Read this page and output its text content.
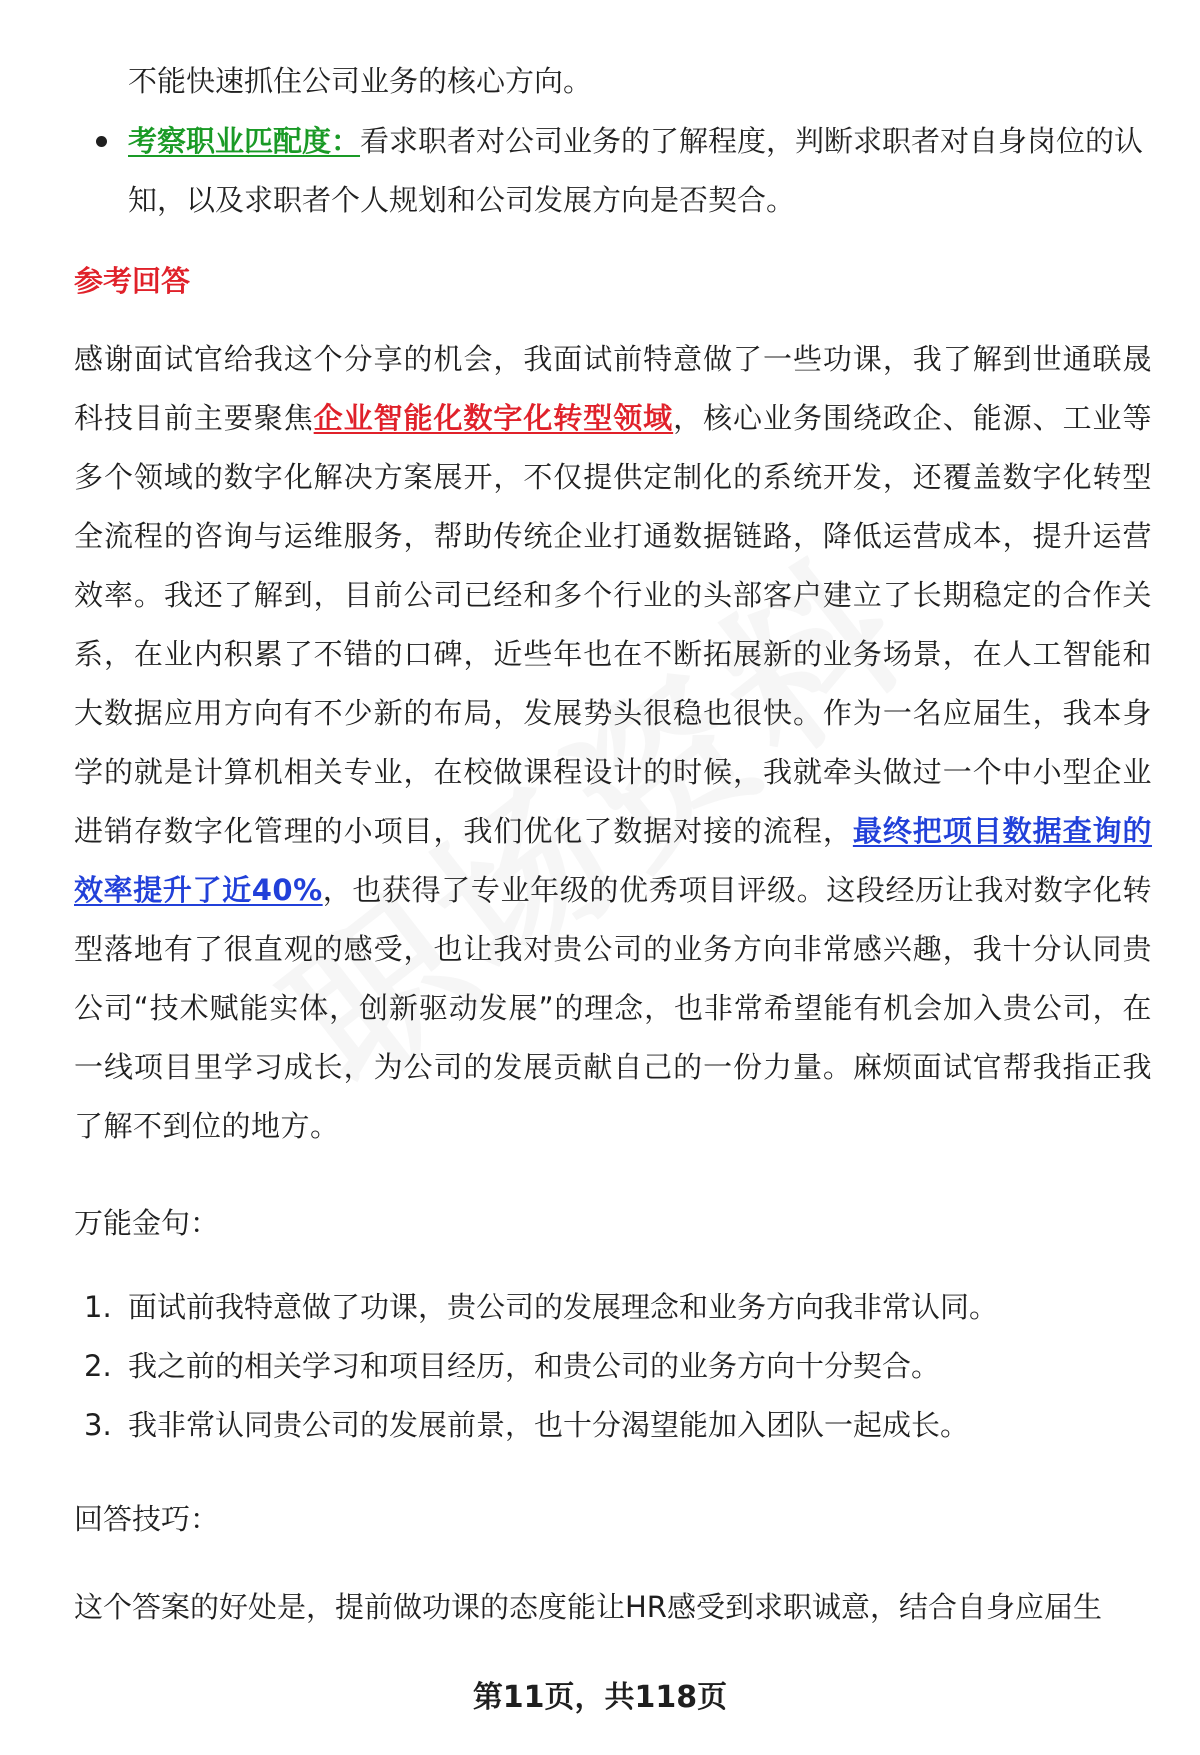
不能快速抓住公司业务的核心方向。
考察职业匹配度：看求职者对公司业务的了解程度，判断求职者对自身岗位的认知，以及求职者个人规划和公司发展方向是否契合。
参考回答
感谢面试官给我这个分享的机会，我面试前特意做了一些功课，我了解到世通联晟科技目前主要聚焦企业智能化数字化转型领域，核心业务围绕政企、能源、工业等多个领域的数字化解决方案展开，不仅提供定制化的系统开发，还覆盖数字化转型全流程的咨询与运维服务，帮助传统企业打通数据链路，降低运营成本，提升运营效率。我还了解到，目前公司已经和多个行业的头部客户建立了长期稳定的合作关系，在业内积累了不错的口碑，近些年也在不断拓展新的业务场景，在人工智能和大数据应用方向有不少新的布局，发展势头很稳也很快。作为一名应届生，我本身学的就是计算机相关专业，在校做课程设计的时候，我就牵头做过一个中小型企业进销存数字化管理的小项目，我们优化了数据对接的流程，最终把项目数据查询的效率提升了近40%，也获得了专业年级的优秀项目评级。这段经历让我对数字化转型落地有了很直观的感受，也让我对贵公司的业务方向非常感兴趣，我十分认同贵公司“技术赋能实体，创新驱动发展”的理念，也非常希望能有机会加入贵公司，在一线项目里学习成长，为公司的发展贡献自己的一份力量。麻烦面试官帮我指正我了解不到位的地方。
万能金句：
1. 面试前我特意做了功课，贵公司的发展理念和业务方向我非常认同。
2. 我之前的相关学习和项目经历，和贵公司的业务方向十分契合。
3. 我非常认同贵公司的发展前景，也十分渴望能加入团队一起成长。
回答技巧：
这个答案的好处是，提前做功课的态度能让HR感受到求职诚意，结合自身应届生
第11页，共118页
